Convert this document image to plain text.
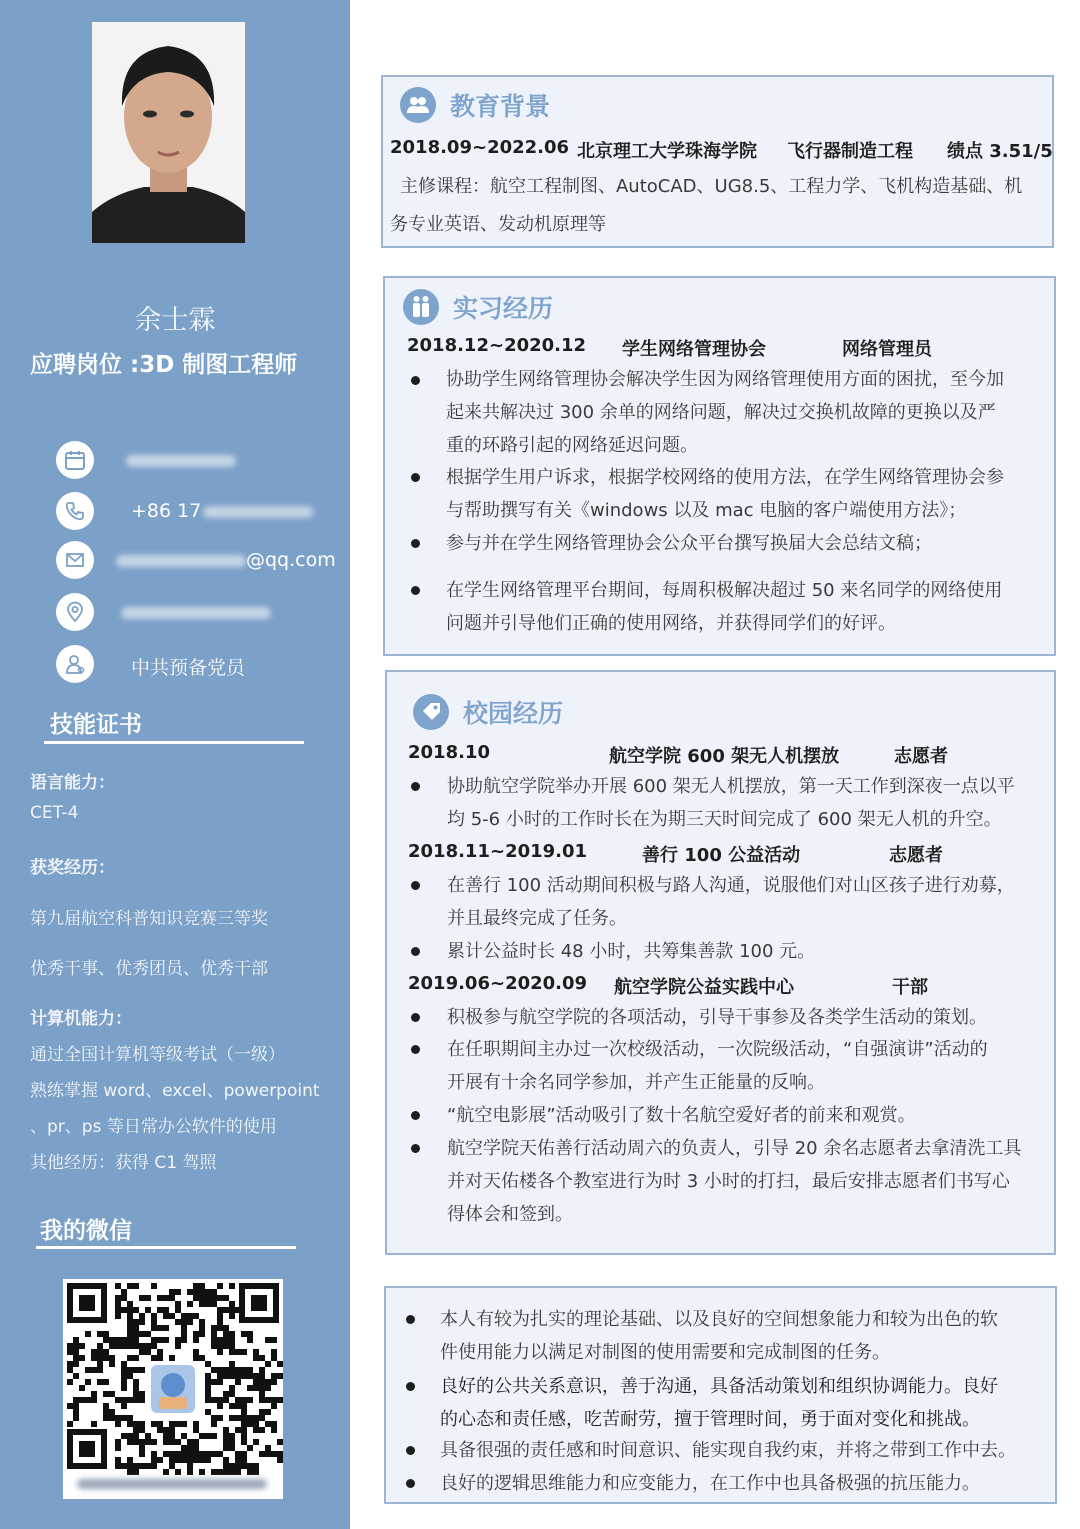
余士霖
应聘岗位 :3D 制图工程师
+86 17
@qq.com
中共预备党员
技能证书
语言能力：
CET-4
获奖经历：
第九届航空科普知识竞赛三等奖
优秀干事、优秀团员、优秀干部
计算机能力：
通过全国计算机等级考试（一级）
熟练掌握 word、excel、powerpoint
、pr、ps 等日常办公软件的使用
其他经历：获得 C1 驾照
我的微信
教育背景
2018.09~2022.06 北京理工大学珠海学院 飞行器制造工程 绩点 3.51/5
主修课程：航空工程制图、AutoCAD、UG8.5、工程力学、飞机构造基础、机
务专业英语、发动机原理等
实习经历
2018.12~2020.12 学生网络管理协会	网络管理员
协助学生网络管理协会解决学生因为网络管理使用方面的困扰，至今加
起来共解决过 300 余单的网络问题，解决过交换机故障的更换以及严
重的环路引起的网络延迟问题。
根据学生用户诉求，根据学校网络的使用方法，在学生网络管理协会参
与帮助撰写有关《windows 以及 mac 电脑的客户端使用方法》；
参与并在学生网络管理协会公众平台撰写换届大会总结文稿；
在学生网络管理平台期间，每周积极解决超过 50 来名同学的网络使用
问题并引导他们正确的使用网络，并获得同学们的好评。
校园经历
2018.10	航空学院 600 架无人机摆放	志愿者
协助航空学院举办开展 600 架无人机摆放，第一天工作到深夜一点以平
均 5-6 小时的工作时长在为期三天时间完成了 600 架无人机的升空。
2018.11~2019.01	善行 100 公益活动	志愿者
在善行 100 活动期间积极与路人沟通，说服他们对山区孩子进行劝募，
并且最终完成了任务。
累计公益时长 48 小时，共筹集善款 100 元。
2019.06~2020.09 航空学院公益实践中心	干部
积极参与航空学院的各项活动，引导干事参及各类学生活动的策划。
在任职期间主办过一次校级活动，一次院级活动，“自强演讲”活动的
开展有十余名同学参加，并产生正能量的反响。
“航空电影展”活动吸引了数十名航空爱好者的前来和观赏。
航空学院天佑善行活动周六的负责人，引导 20 余名志愿者去拿清洗工具
并对天佑楼各个教室进行为时 3 小时的打扫，最后安排志愿者们书写心
得体会和签到。
本人有较为扎实的理论基础、以及良好的空间想象能力和较为出色的软
件使用能力以满足对制图的使用需要和完成制图的任务。
良好的公共关系意识，善于沟通，具备活动策划和组织协调能力。良好
的心态和责任感，吃苦耐劳，擅于管理时间，勇于面对变化和挑战。
具备很强的责任感和时间意识、能实现自我约束，并将之带到工作中去。
良好的逻辑思维能力和应变能力，在工作中也具备极强的抗压能力。
